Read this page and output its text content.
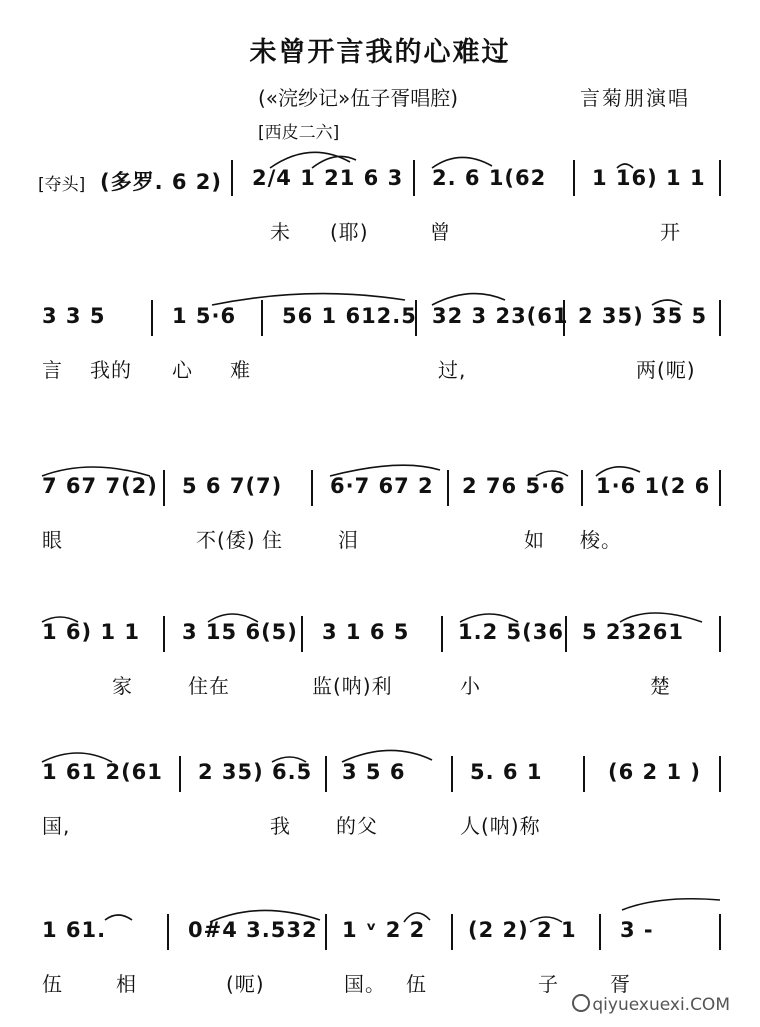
未曾开言我的心难过
(«浣纱记»伍子胥唱腔)	言菊朋演唱
[西皮二六]
[夺头] (多罗. 6 2) 2/4 1 21 6 3 2. 6 1(62 1 16) 1 1
未 (耶)	曾	开
3 3 5	1 5·6 56 1 612.5 32 3 23(61 2 35) 35 5
言 我的 心 难	过,	两(呃)
7 67 7(2) 5 6 7(7) 6·7 67 2 2 76 5·6 1·6 1(2 6
眼	不(倭) 住	泪	如 梭。
1 6) 1 1 3 15 6(5) 3 1 6 5 1.2 5(36 5 23261
家	住在	监(呐)利	小	楚
1 61 2(61 2 35) 6.5 3 5 6	5. 6 1	(6 2 1 )
国,	我 的父	人(呐)称
1 61.	0#4 3.532 1 ᵛ 2 2 (2 2) 2 1 3 -
伍	相	(呃)	国。 伍	子	胥
qiyuexuexi.COM
